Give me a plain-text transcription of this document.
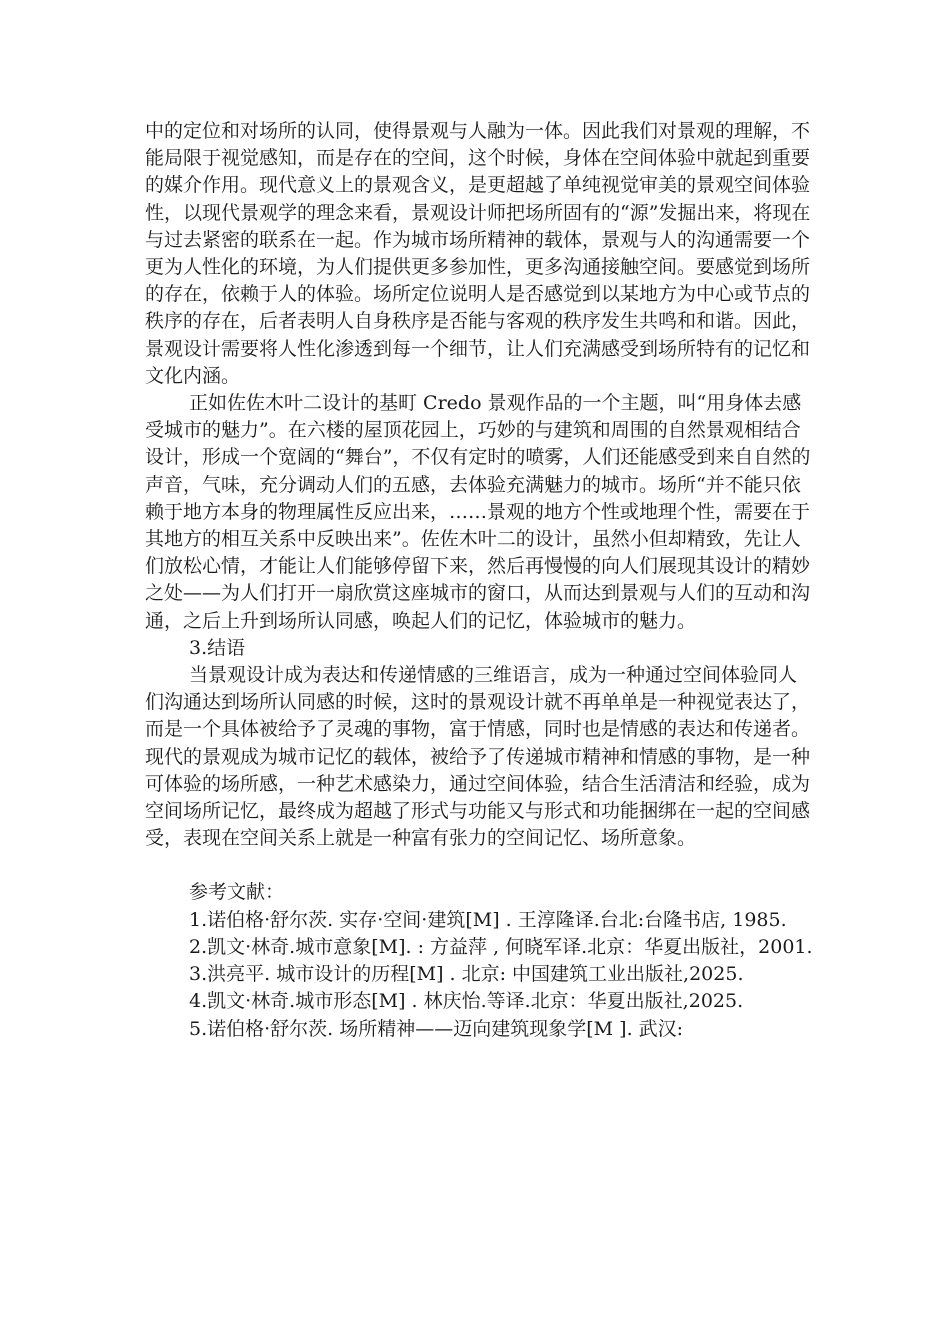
中的定位和对场所的认同，使得景观与人融为一体。因此我们对景观的理解，不能局限于视觉感知，而是存在的空间，这个时候，身体在空间体验中就起到重要的媒介作用。现代意义上的景观含义，是更超越了单纯视觉审美的景观空间体验性，以现代景观学的理念来看，景观设计师把场所固有的“源”发掘出来，将现在与过去紧密的联系在一起。作为城市场所精神的载体，景观与人的沟通需要一个更为人性化的环境，为人们提供更多参加性，更多沟通接触空间。要感觉到场所的存在，依赖于人的体验。场所定位说明人是否感觉到以某地方为中心或节点的秩序的存在，后者表明人自身秩序是否能与客观的秩序发生共鸣和和谐。因此，景观设计需要将人性化渗透到每一个细节，让人们充满感受到场所特有的记忆和文化内涵。

正如佐佐木叶二设计的基町 Credo 景观作品的一个主题，叫“用身体去感受城市的魅力”。在六楼的屋顶花园上，巧妙的与建筑和周围的自然景观相结合设计，形成一个宽阔的“舞台”，不仅有定时的喷雾，人们还能感受到来自自然的声音，气味，充分调动人们的五感，去体验充满魅力的城市。场所“并不能只依赖于地方本身的物理属性反应出来，……景观的地方个性或地理个性，需要在于其地方的相互关系中反映出来”。佐佐木叶二的设计，虽然小但却精致，先让人们放松心情，才能让人们能够停留下来，然后再慢慢的向人们展现其设计的精妙之处——为人们打开一扇欣赏这座城市的窗口，从而达到景观与人们的互动和沟通，之后上升到场所认同感，唤起人们的记忆，体验城市的魅力。

3.结语

当景观设计成为表达和传递情感的三维语言，成为一种通过空间体验同人们沟通达到场所认同感的时候，这时的景观设计就不再单单是一种视觉表达了，而是一个具体被给予了灵魂的事物，富于情感，同时也是情感的表达和传递者。现代的景观成为城市记忆的载体，被给予了传递城市精神和情感的事物，是一种可体验的场所感，一种艺术感染力，通过空间体验，结合生活清洁和经验，成为空间场所记忆，最终成为超越了形式与功能又与形式和功能捆绑在一起的空间感受，表现在空间关系上就是一种富有张力的空间记忆、场所意象。

参考文献：

1.诺伯格·舒尔茨. 实存·空间·建筑[M] . 王淳隆译.台北:台隆书店, 1985.

2.凯文·林奇.城市意象[M]. : 方益萍 , 何晓军译.北京：华夏出版社，2001.

3.洪亮平. 城市设计的历程[M] . 北京: 中国建筑工业出版社,2025.

4.凯文·林奇.城市形态[M] . 林庆怡.等译.北京：华夏出版社,2025.

5.诺伯格·舒尔茨. 场所精神——迈向建筑现象学[M ]. 武汉:
